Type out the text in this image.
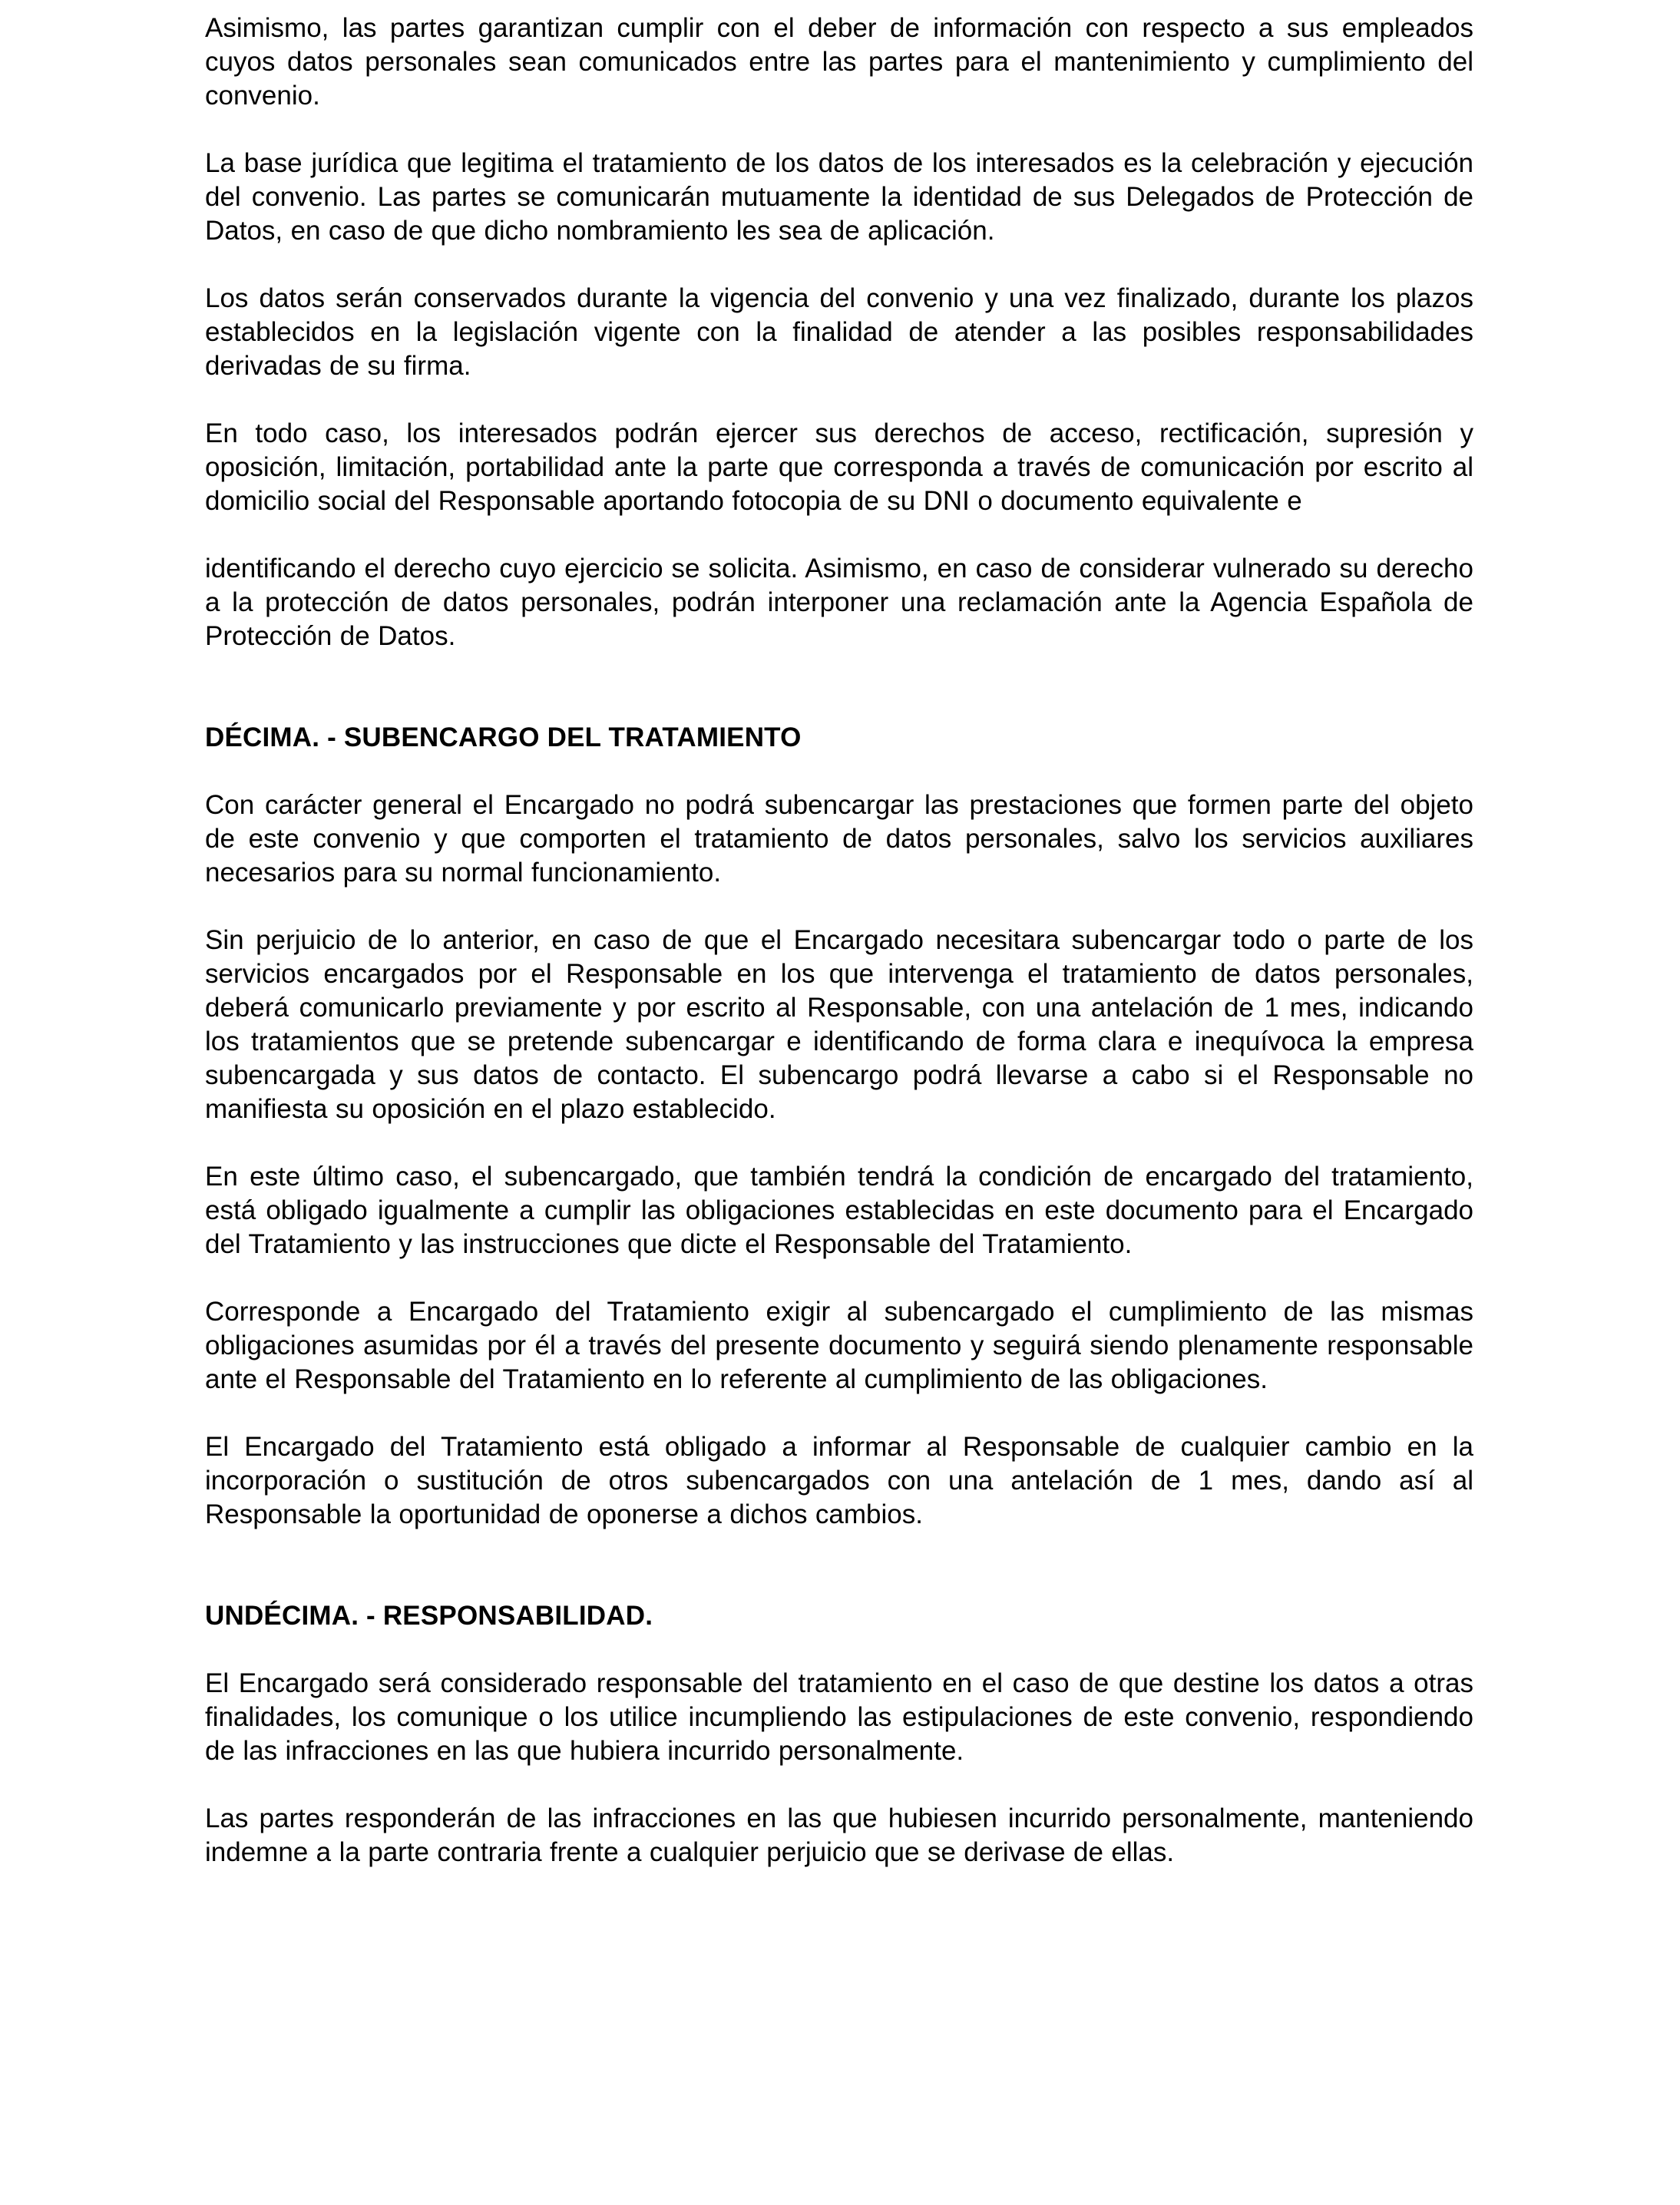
Asimismo, las partes garantizan cumplir con el deber de información con respecto a sus empleados cuyos datos personales sean comunicados entre las partes para el mantenimiento y cumplimiento del convenio.

La base jurídica que legitima el tratamiento de los datos de los interesados es la celebración y ejecución del convenio. Las partes se comunicarán mutuamente la identidad de sus Delegados de Protección de Datos, en caso de que dicho nombramiento les sea de aplicación.

Los datos serán conservados durante la vigencia del convenio y una vez finalizado, durante los plazos establecidos en la legislación vigente con la finalidad de atender a las posibles responsabilidades derivadas de su firma.

En todo caso, los interesados podrán ejercer sus derechos de acceso, rectificación, supresión y oposición, limitación, portabilidad ante la parte que corresponda a través de comunicación por escrito al domicilio social del Responsable aportando fotocopia de su DNI o documento equivalente e

identificando el derecho cuyo ejercicio se solicita. Asimismo, en caso de considerar vulnerado su derecho a la protección de datos personales, podrán interponer una reclamación ante la Agencia Española de Protección de Datos.

DÉCIMA. - SUBENCARGO DEL TRATAMIENTO

Con carácter general el Encargado no podrá subencargar las prestaciones que formen parte del objeto de este convenio y que comporten el tratamiento de datos personales, salvo los servicios auxiliares necesarios para su normal funcionamiento.

Sin perjuicio de lo anterior, en caso de que el Encargado necesitara subencargar todo o parte de los servicios encargados por el Responsable en los que intervenga el tratamiento de datos personales, deberá comunicarlo previamente y por escrito al Responsable, con una antelación de 1 mes, indicando los tratamientos que se pretende subencargar e identificando de forma clara e inequívoca la empresa subencargada y sus datos de contacto. El subencargo podrá llevarse a cabo si el Responsable no manifiesta su oposición en el plazo establecido.

En este último caso, el subencargado, que también tendrá la condición de encargado del tratamiento, está obligado igualmente a cumplir las obligaciones establecidas en este documento para el Encargado del Tratamiento y las instrucciones que dicte el Responsable del Tratamiento.

Corresponde a Encargado del Tratamiento exigir al subencargado el cumplimiento de las mismas obligaciones asumidas por él a través del presente documento y seguirá siendo plenamente responsable ante el Responsable del Tratamiento en lo referente al cumplimiento de las obligaciones.

El Encargado del Tratamiento está obligado a informar al Responsable de cualquier cambio en la incorporación o sustitución de otros subencargados con una antelación de 1 mes, dando así al Responsable la oportunidad de oponerse a dichos cambios.

UNDÉCIMA. - RESPONSABILIDAD.

El Encargado será considerado responsable del tratamiento en el caso de que destine los datos a otras finalidades, los comunique o los utilice incumpliendo las estipulaciones de este convenio, respondiendo de las infracciones en las que hubiera incurrido personalmente.

Las partes responderán de las infracciones en las que hubiesen incurrido personalmente, manteniendo indemne a la parte contraria frente a cualquier perjuicio que se derivase de ellas.
